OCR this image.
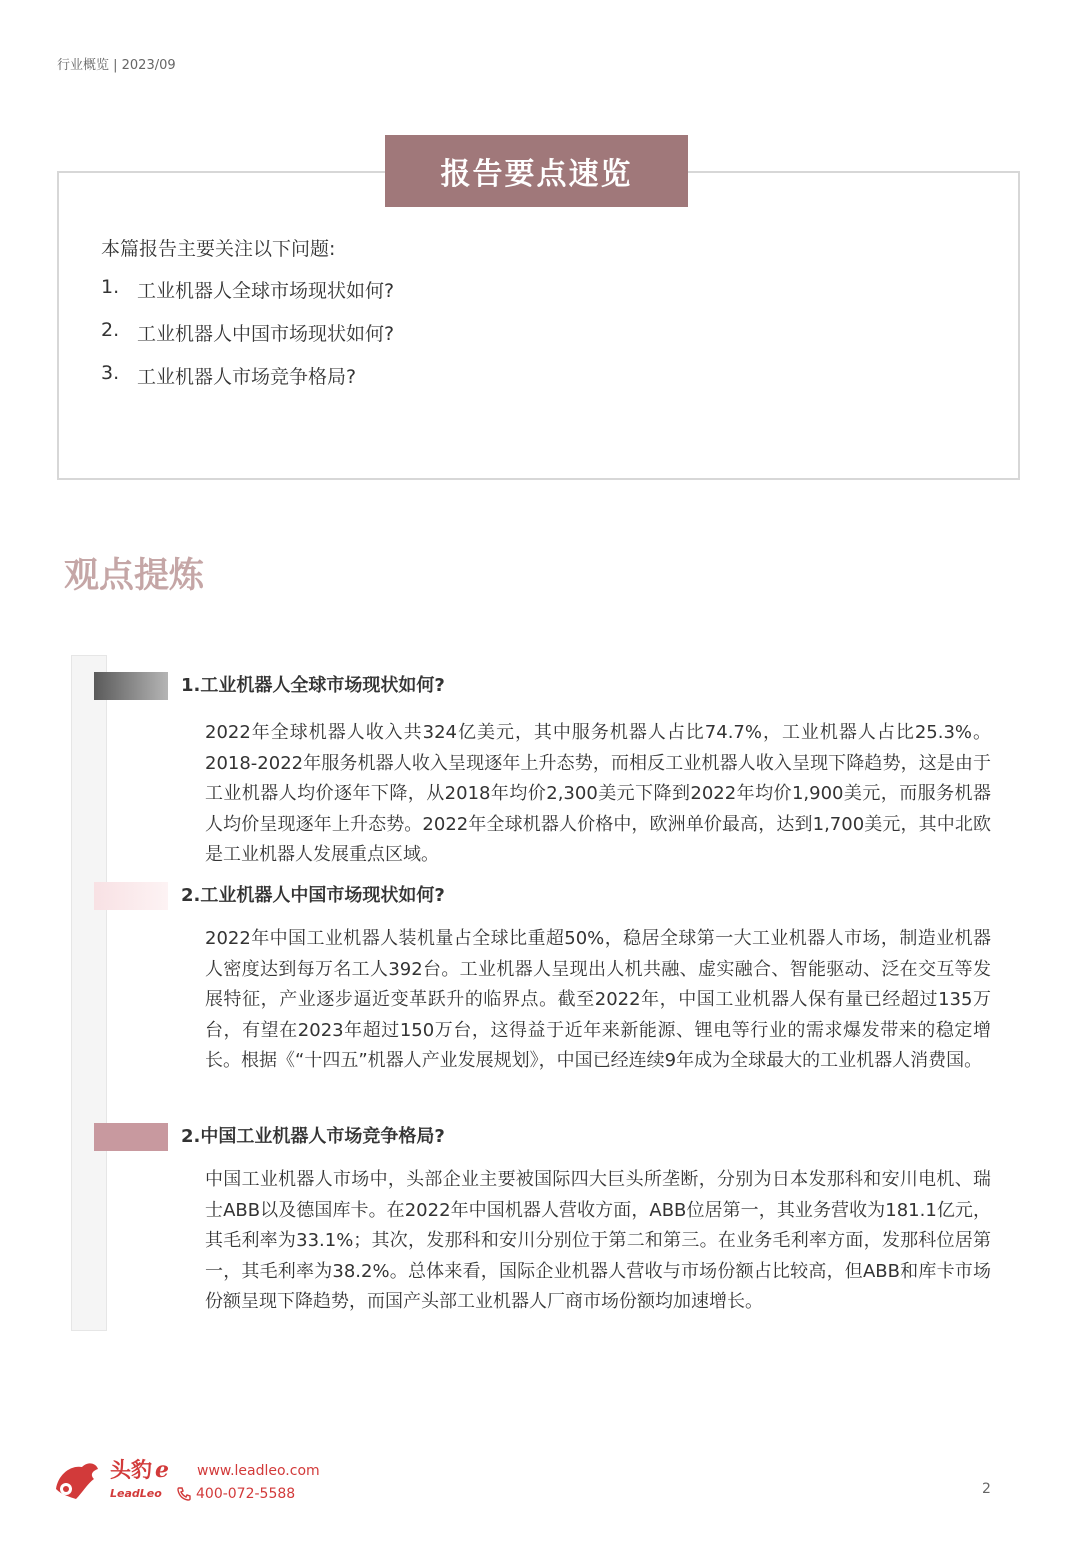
行业概览 | 2023/09
报告要点速览
本篇报告主要关注以下问题:
1. 工业机器人全球市场现状如何?
2. 工业机器人中国市场现状如何?
3. 工业机器人市场竞争格局?
观点提炼
1.工业机器人全球市场现状如何?
2022年全球机器人收入共324亿美元，其中服务机器人占比74.7%，工业机器人占比25.3%。2018-2022年服务机器人收入呈现逐年上升态势，而相反工业机器人收入呈现下降趋势，这是由于工业机器人均价逐年下降，从2018年均价2,300美元下降到2022年均价1,900美元，而服务机器人均价呈现逐年上升态势。2022年全球机器人价格中，欧洲单价最高，达到1,700美元，其中北欧是工业机器人发展重点区域。
2.工业机器人中国市场现状如何?
2022年中国工业机器人装机量占全球比重超50%，稳居全球第一大工业机器人市场，制造业机器人密度达到每万名工人392台。工业机器人呈现出人机共融、虚实融合、智能驱动、泛在交互等发展特征，产业逐步逼近变革跃升的临界点。截至2022年，中国工业机器人保有量已经超过135万台，有望在2023年超过150万台，这得益于近年来新能源、锂电等行业的需求爆发带来的稳定增长。根据《“十四五”机器人产业发展规划》，中国已经连续9年成为全球最大的工业机器人消费国。
2.中国工业机器人市场竞争格局?
中国工业机器人市场中，头部企业主要被国际四大巨头所垄断，分别为日本发那科和安川电机、瑞士ABB以及德国库卡。在2022年中国机器人营收方面，ABB位居第一，其业务营收为181.1亿元，其毛利率为33.1%；其次，发那科和安川分别位于第二和第三。在业务毛利率方面，发那科位居第一，其毛利率为38.2%。总体来看，国际企业机器人营收与市场份额占比较高，但ABB和库卡市场份额呈现下降趋势，而国产头部工业机器人厂商市场份额均加速增长。
头豹 e
LeadLeo
www.leadleo.com
400-072-5588	2
